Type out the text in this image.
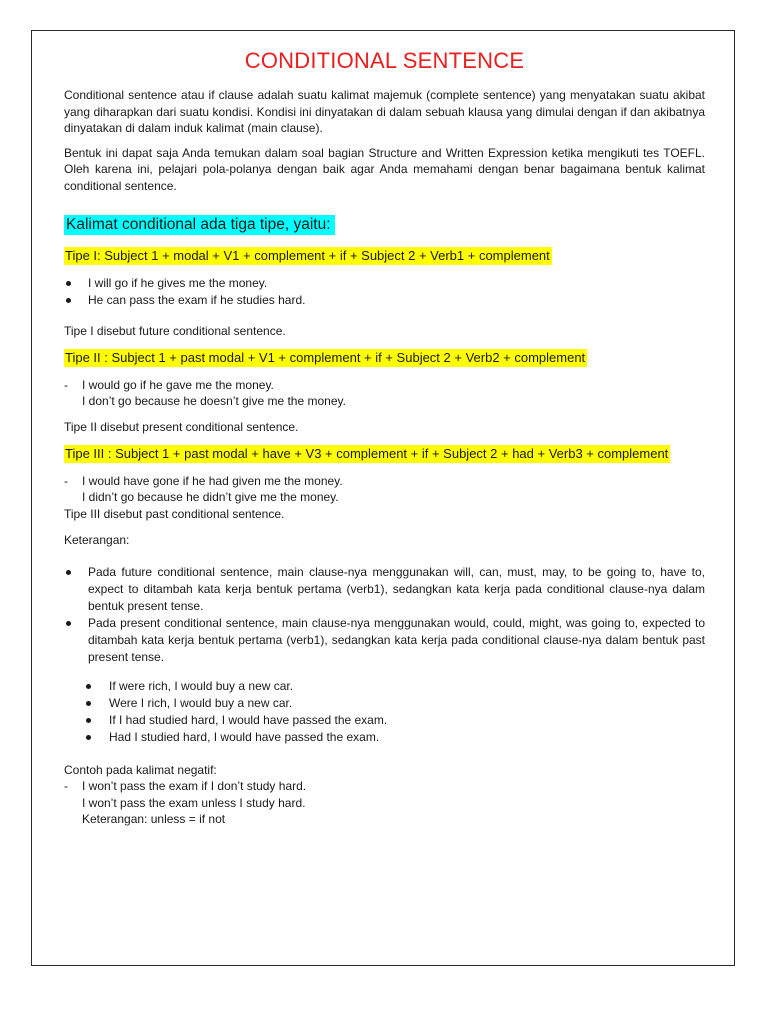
CONDITIONAL SENTENCE

Conditional sentence atau if clause adalah suatu kalimat majemuk (complete sentence) yang menyatakan suatu akibat yang diharapkan dari suatu kondisi. Kondisi ini dinyatakan di dalam sebuah klausa yang dimulai dengan if dan akibatnya dinyatakan di dalam induk kalimat (main clause).

Bentuk ini dapat saja Anda temukan dalam soal bagian Structure and Written Expression ketika mengikuti tes TOEFL. Oleh karena ini, pelajari pola-polanya dengan baik agar Anda memahami dengan benar bagaimana bentuk kalimat conditional sentence.

Kalimat conditional ada tiga tipe, yaitu:
Tipe I: Subject 1 + modal + V1 + complement + if + Subject 2 + Verb1 + complement
I will go if he gives me the money.
He can pass the exam if he studies hard.
Tipe I disebut future conditional sentence.
Tipe II : Subject 1 + past modal + V1 + complement + if + Subject 2 + Verb2 + complement
- I would go if he gave me the money.
I don’t go because he doesn’t give me the money.
Tipe II disebut present conditional sentence.
Tipe III : Subject 1 + past modal + have + V3 + complement + if + Subject 2 + had + Verb3 + complement
- I would have gone if he had given me the money.
I didn’t go because he didn’t give me the money.
Tipe III disebut past conditional sentence.
Keterangan:
Pada future conditional sentence, main clause-nya menggunakan will, can, must, may, to be going to, have to, expect to ditambah kata kerja bentuk pertama (verb1), sedangkan kata kerja pada conditional clause-nya dalam bentuk present tense.
Pada present conditional sentence, main clause-nya menggunakan would, could, might, was going to, expected to ditambah kata kerja bentuk pertama (verb1), sedangkan kata kerja pada conditional clause-nya dalam bentuk past present tense.
If were rich, I would buy a new car.
Were I rich, I would buy a new car.
If I had studied hard, I would have passed the exam.
Had I studied hard, I would have passed the exam.
Contoh pada kalimat negatif:
- I won’t pass the exam if I don’t study hard.
I won’t pass the exam unless I study hard.
Keterangan: unless = if not
